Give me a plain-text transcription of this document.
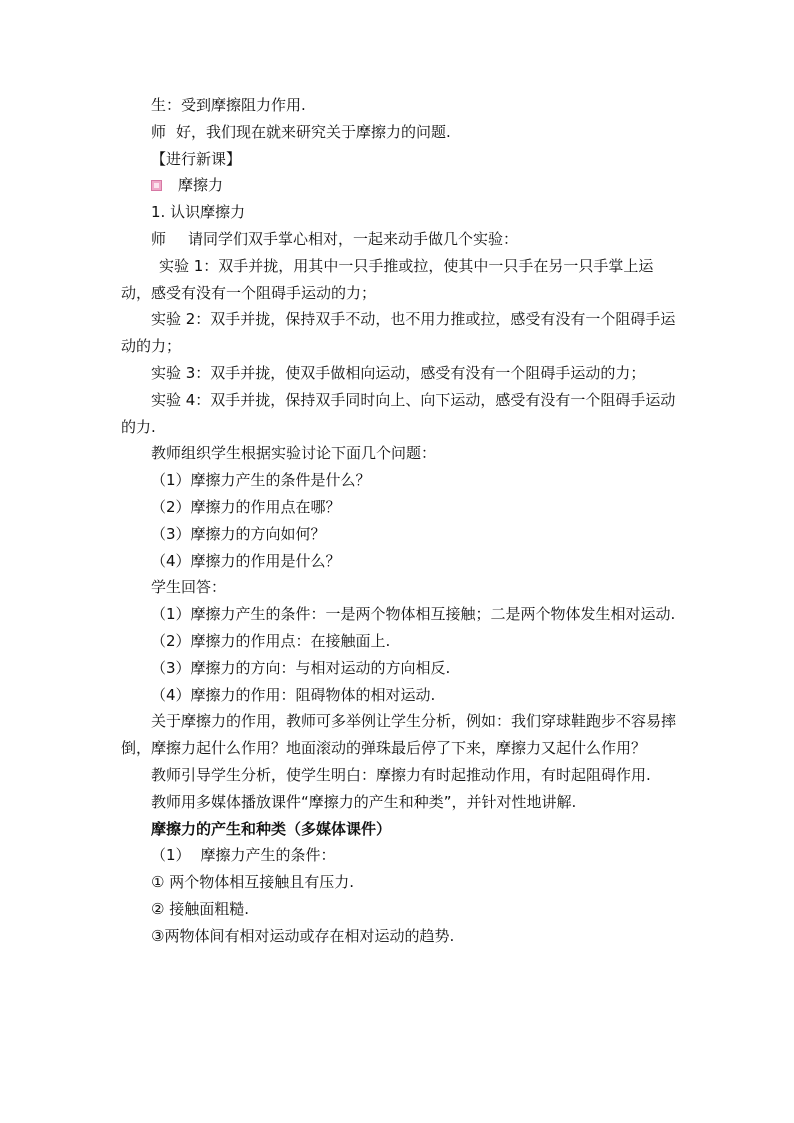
生：受到摩擦阻力作用.

师 好，我们现在就来研究关于摩擦力的问题.

【进行新课】

摩擦力

1. 认识摩擦力

师 请同学们双手掌心相对，一起来动手做几个实验：

实验 1：双手并拢，用其中一只手推或拉，使其中一只手在另一只手掌上运动，感受有没有一个阻碍手运动的力；

实验 2：双手并拢，保持双手不动，也不用力推或拉，感受有没有一个阻碍手运动的力；

实验 3：双手并拢，使双手做相向运动，感受有没有一个阻碍手运动的力；

实验 4：双手并拢，保持双手同时向上、向下运动，感受有没有一个阻碍手运动的力.

教师组织学生根据实验讨论下面几个问题：

（1）摩擦力产生的条件是什么？

（2）摩擦力的作用点在哪？

（3）摩擦力的方向如何？

（4）摩擦力的作用是什么？

学生回答：

（1）摩擦力产生的条件：一是两个物体相互接触；二是两个物体发生相对运动.

（2）摩擦力的作用点：在接触面上.

（3）摩擦力的方向：与相对运动的方向相反.

（4）摩擦力的作用：阻碍物体的相对运动.

关于摩擦力的作用，教师可多举例让学生分析，例如：我们穿球鞋跑步不容易摔倒，摩擦力起什么作用？地面滚动的弹珠最后停了下来，摩擦力又起什么作用？

教师引导学生分析，使学生明白：摩擦力有时起推动作用，有时起阻碍作用.

教师用多媒体播放课件“摩擦力的产生和种类”，并针对性地讲解.

摩擦力的产生和种类（多媒体课件）

（1） 摩擦力产生的条件：

① 两个物体相互接触且有压力.

② 接触面粗糙.

③两物体间有相对运动或存在相对运动的趋势.
